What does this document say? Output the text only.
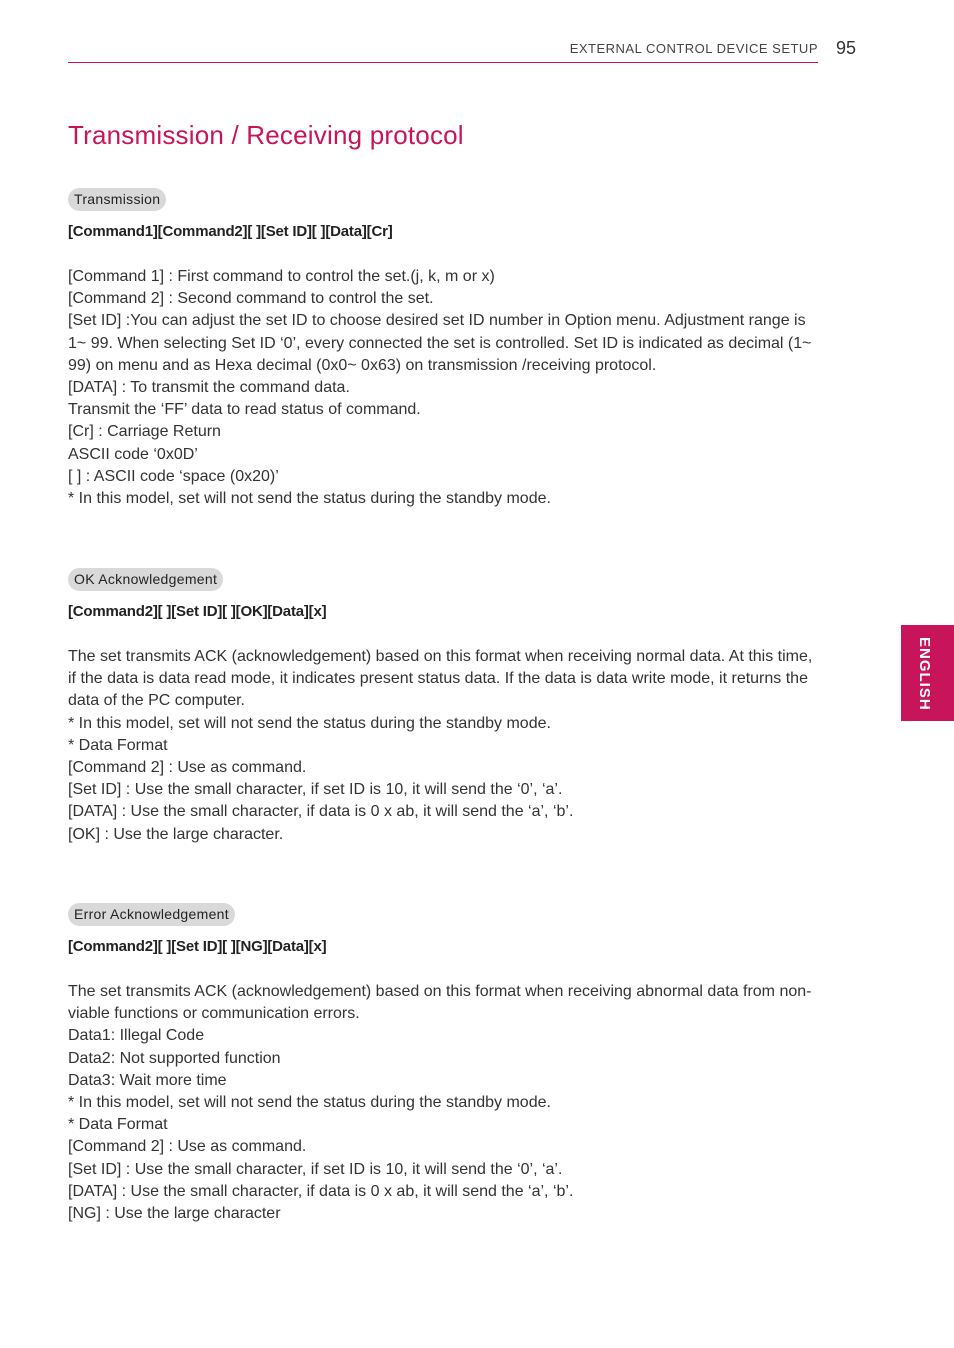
EXTERNAL CONTROL DEVICE SETUP 95
Transmission / Receiving protocol
Transmission
[Command1][Command2][ ][Set ID][ ][Data][Cr]
[Command 1] : First command to control the set.(j, k, m or x)
[Command 2] : Second command to control the set.
[Set ID] :You can adjust the set ID to choose desired set ID number in Option menu. Adjustment range is
1~ 99. When selecting Set ID ‘0’, every connected the set is controlled. Set ID is indicated as decimal (1~
99) on menu and as Hexa decimal (0x0~ 0x63) on transmission /receiving protocol.
[DATA] : To transmit the command data.
Transmit the ‘FF’ data to read status of command.
[Cr] : Carriage Return
ASCII code ‘0x0D’
[ ] : ASCII code ‘space (0x20)’
* In this model, set will not send the status during the standby mode.
OK Acknowledgement
[Command2][ ][Set ID][ ][OK][Data][x]
The set transmits ACK (acknowledgement) based on this format when receiving normal data. At this time,
if the data is data read mode, it indicates present status data. If the data is data write mode, it returns the
data of the PC computer.
* In this model, set will not send the status during the standby mode.
* Data Format
[Command 2] : Use as command.
[Set ID] : Use the small character, if set ID is 10, it will send the ‘0’, ‘a’.
[DATA] : Use the small character, if data is 0 x ab, it will send the ‘a’, ‘b’.
[OK] : Use the large character.
Error Acknowledgement
[Command2][ ][Set ID][ ][NG][Data][x]
The set transmits ACK (acknowledgement) based on this format when receiving abnormal data from non-
viable functions or communication errors.
Data1: Illegal Code
Data2: Not supported function
Data3: Wait more time
* In this model, set will not send the status during the standby mode.
* Data Format
[Command 2] : Use as command.
[Set ID] : Use the small character, if set ID is 10, it will send the ‘0’, ‘a’.
[DATA] : Use the small character, if data is 0 x ab, it will send the ‘a’, ‘b’.
[NG] : Use the large character
ENGLISH
